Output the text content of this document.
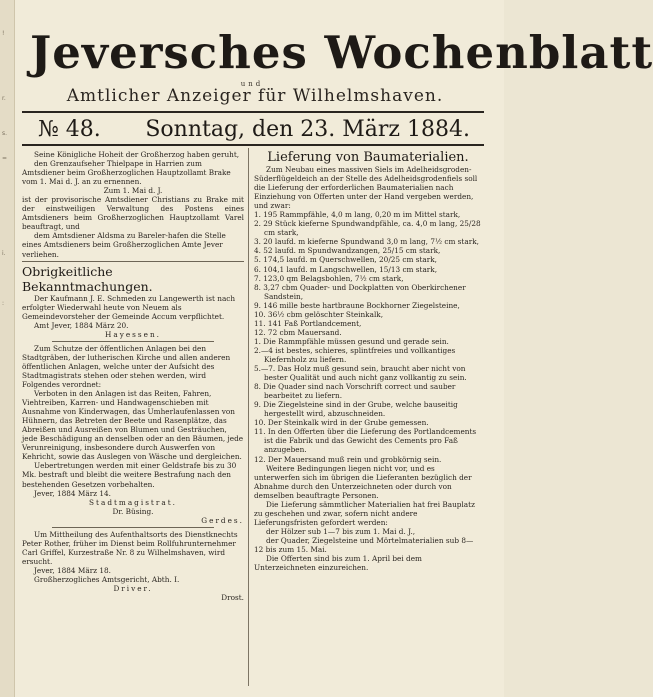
!
r.
s.
=
i.
:
Jeversches Wochenblatt
und
Amtlicher Anzeiger für Wilhelmshaven.
№ 48. Sonntag, den 23. März 1884.

Seine Königliche Hoheit der Großherzog haben geruht,

den Grenzaufseher Thielpape in Harrien zum Amtsdiener beim Großherzoglichen Hauptzollamt Brake vom 1. Mai d. J. an zu ernennen.

Zum 1. Mai d. J.

ist der provisorische Amtsdiener Christians zu Brake mit der einstweiligen Verwaltung des Postens eines Amtsdieners beim Großherzoglichen Hauptzollamt Varel beauftragt, und

dem Amtsdiener Aldsma zu Bareler-hafen die Stelle eines Amtsdieners beim Großherzoglichen Amte Jever verliehen.

Obrigkeitliche Bekanntmachungen.

Der Kaufmann J. E. Schmeden zu Langewerth ist nach erfolgter Wiederwahl heute von Neuem als Gemeindevorsteher der Gemeinde Accum verpflichtet.

Amt Jever, 1884 März 20.

Hayessen.

Zum Schutze der öffentlichen Anlagen bei den Stadtgräben, der lutherischen Kirche und allen anderen öffentlichen Anlagen, welche unter der Aufsicht des Stadtmagistrats stehen oder stehen werden, wird Folgendes verordnet:

Verboten in den Anlagen ist das Reiten, Fahren, Viehtreiben, Karren- und Handwagenschieben mit Ausnahme von Kinderwagen, das Umherlaufenlassen von Hühnern, das Betreten der Beete und Rasenplätze, das Abreißen und Ausreißen von Blumen und Gesträuchen, jede Beschädigung an denselben oder an den Bäumen, jede Verunreinigung, insbesondere durch Auswerfen von Kehricht, sowie das Auslegen von Wäsche und dergleichen.

Uebertretungen werden mit einer Geldstrafe bis zu 30 Mk. bestraft und bleibt die weitere Bestrafung nach den bestehenden Gesetzen vorbehalten.

Jever, 1884 März 14.

Stadtmagistrat.

Dr. Büsing.

Gerdes.

Um Mittheilung des Aufenthaltsorts des Dienstknechts Peter Rother, früher im Dienst beim Rollfuhrunternehmer Carl Griffel, Kurzestraße Nr. 8 zu Wilhelmshaven, wird ersucht.

Jever, 1884 März 18.

Großherzogliches Amtsgericht, Abth. I.

Driver.

Drost.

Lieferung von Baumaterialien.

Zum Neubau eines massiven Siels im Adelheidsgroden-Süderflügeldeich an der Stelle des Adelheidsgrodenfiels soll die Lieferung der erforderlichen Baumaterialien nach Einziehung von Offerten unter der Hand vergeben werden, und zwar:

1. 195 Rammpfähle, 4,0 m lang, 0,20 m im Mittel stark,

2. 29 Stück kieferne Spundwandpfähle, ca. 4,0 m lang, 25/28 cm stark,

3. 20 laufd. m kieferne Spundwand 3,0 m lang, 7½ cm stark,

4. 52 laufd. m Spundwandzangen, 25/15 cm stark,

5. 174,5 laufd. m Querschwellen, 20/25 cm stark,

6. 104,1 laufd. m Langschwellen, 15/13 cm stark,

7. 123,0 qm Belagsbohlen, 7½ cm stark,

8. 3,27 cbm Quader- und Dockplatten von Oberkirchener Sandstein,

9. 146 mille beste hartbraune Bockhorner Ziegelsteine,

10. 36½ cbm gelöschter Steinkalk,

11. 141 Faß Portlandcement,

12. 72 cbm Mauersand.

1. Die Rammpfähle müssen gesund und gerade sein.

2.—4 ist bestes, schieres, splintfreies und vollkantiges Kiefernholz zu liefern.

5.—7. Das Holz muß gesund sein, braucht aber nicht von bester Qualität und auch nicht ganz vollkantig zu sein.

8. Die Quader sind nach Vorschrift correct und sauber bearbeitet zu liefern.

9. Die Ziegelsteine sind in der Grube, welche bauseitig hergestellt wird, abzuschneiden.

10. Der Steinkalk wird in der Grube gemessen.

11. In den Offerten über die Lieferung des Portlandcements ist die Fabrik und das Gewicht des Cements pro Faß anzugeben.

12. Der Mauersand muß rein und grobkörnig sein.

Weitere Bedingungen liegen nicht vor, und es unterwerfen sich im übrigen die Lieferanten bezüglich der Abnahme durch den Unterzeichneten oder durch von demselben beauftragte Personen.

Die Lieferung sämmtlicher Materialien hat frei Bauplatz zu geschehen und zwar, sofern nicht andere Lieferungsfristen gefordert werden:

der Hölzer sub 1—7 bis zum 1. Mai d. J.,

der Quader, Ziegelsteine und Mörtelmaterialien sub 8—12 bis zum 15. Mai.

Die Offerten sind bis zum 1. April bei dem Unterzeichneten einzureichen.
